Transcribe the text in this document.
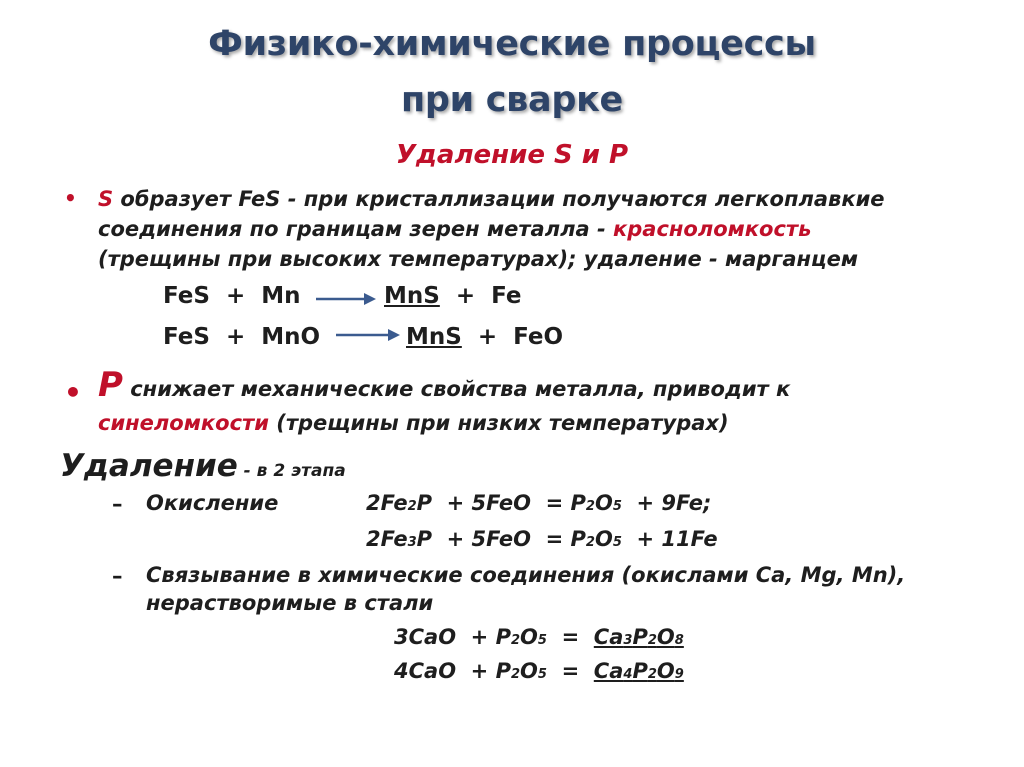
Физико-химические процессы
при сварке
Удаление S и P
• S образует FeS - при кристаллизации получаются легкоплавкие
соединения по границам зерен металла - красноломкость
(трещины при высоких температурах); удаление - марганцем
FeS  +  Mn	MnS  +  Fe
FeS  +  MnO	MnS  +  FeO
• P снижает механические свойства металла, приводит к
синеломкости (трещины при низких температурах)
Удаление - в 2 этапа
– Окисление	2Fe2P  + 5FeO  = P2O5  + 9Fe;
2Fe3P  + 5FeO  = P2O5  + 11Fe
– Связывание в химические соединения (окислами Ca, Mg, Mn),
нерастворимые в стали
3CaO  + P2O5  =  Ca3P2O8
4CaO  + P2O5  =  Ca4P2O9
